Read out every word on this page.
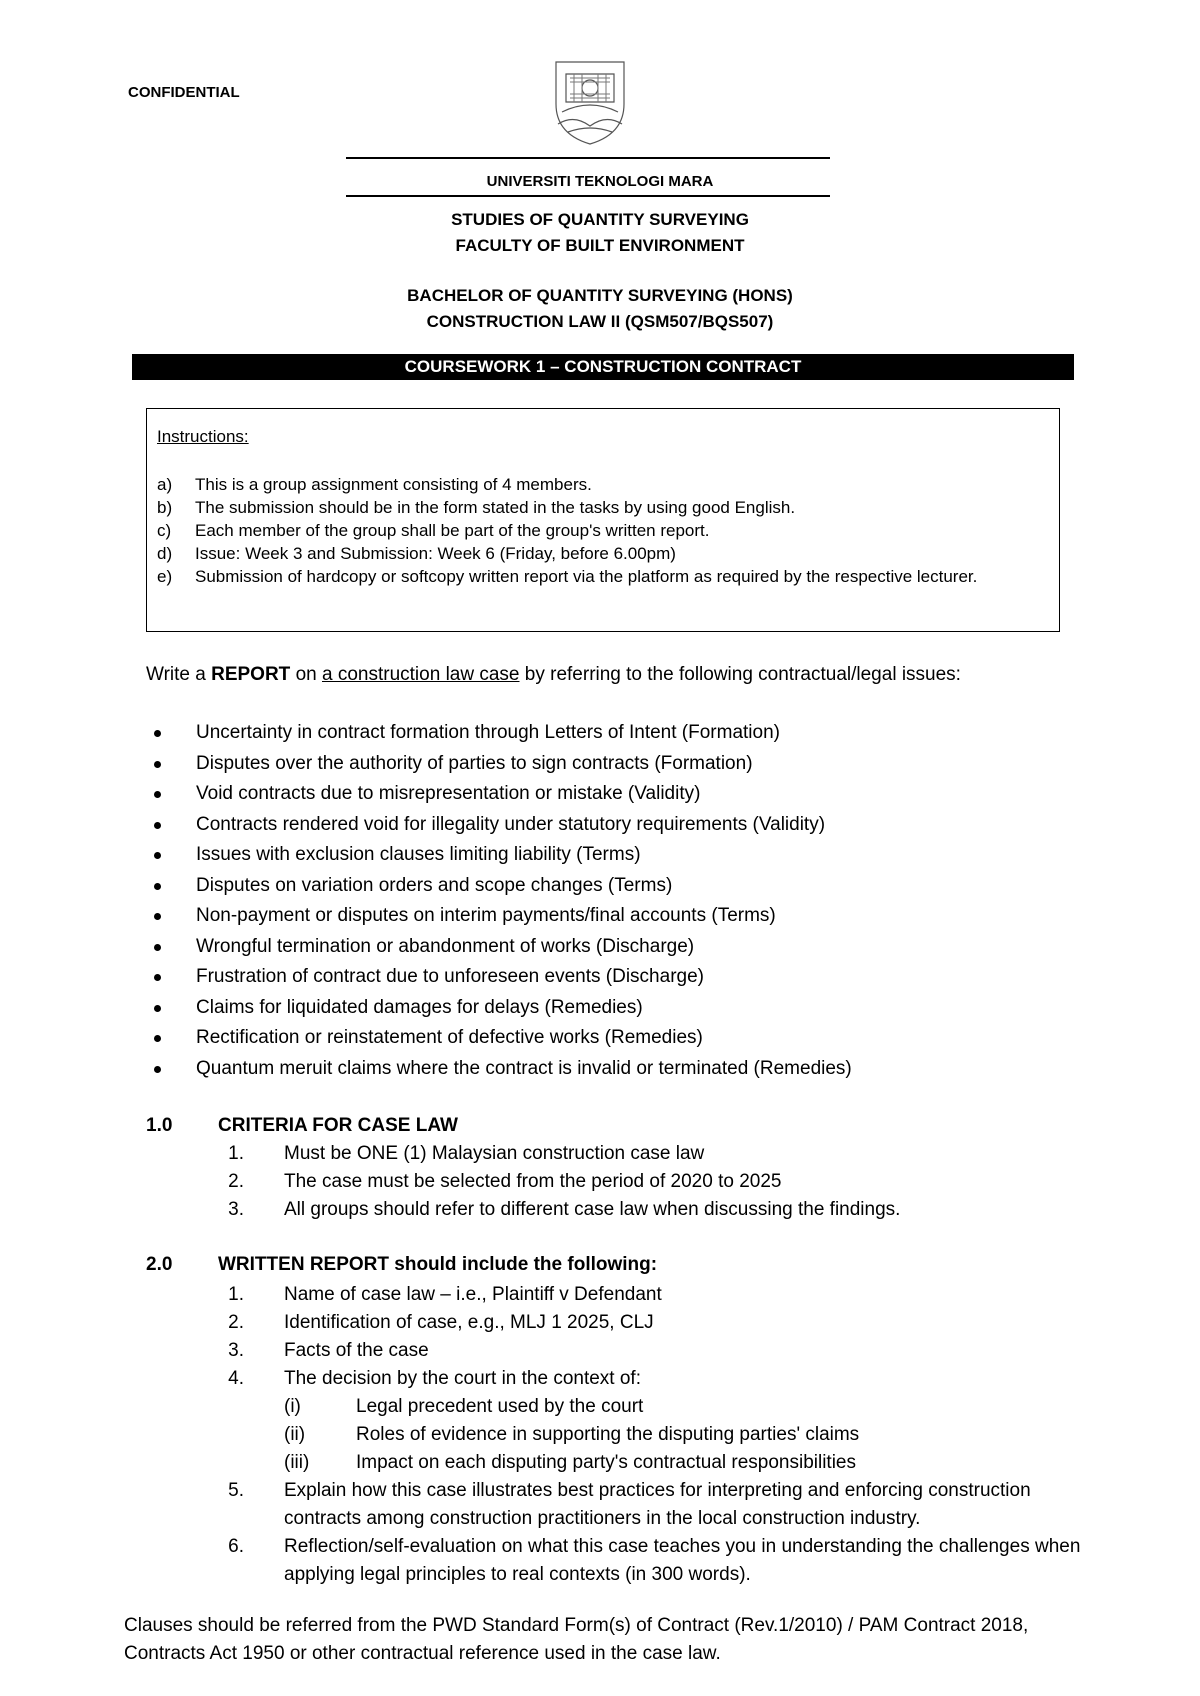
CONFIDENTIAL
UNIVERSITI TEKNOLOGI MARA
STUDIES OF QUANTITY SURVEYING
FACULTY OF BUILT ENVIRONMENT
BACHELOR OF QUANTITY SURVEYING (HONS)
CONSTRUCTION LAW II (QSM507/BQS507)
COURSEWORK 1 – CONSTRUCTION CONTRACT
Instructions:
a) This is a group assignment consisting of 4 members.
b) The submission should be in the form stated in the tasks by using good English.
c) Each member of the group shall be part of the group's written report.
d) Issue: Week 3 and Submission: Week 6 (Friday, before 6.00pm)
e) Submission of hardcopy or softcopy written report via the platform as required by the respective lecturer.
Write a REPORT on a construction law case by referring to the following contractual/legal issues:
Uncertainty in contract formation through Letters of Intent (Formation)
Disputes over the authority of parties to sign contracts (Formation)
Void contracts due to misrepresentation or mistake (Validity)
Contracts rendered void for illegality under statutory requirements (Validity)
Issues with exclusion clauses limiting liability (Terms)
Disputes on variation orders and scope changes (Terms)
Non-payment or disputes on interim payments/final accounts (Terms)
Wrongful termination or abandonment of works (Discharge)
Frustration of contract due to unforeseen events (Discharge)
Claims for liquidated damages for delays (Remedies)
Rectification or reinstatement of defective works (Remedies)
Quantum meruit claims where the contract is invalid or terminated (Remedies)
1.0 CRITERIA FOR CASE LAW
1. Must be ONE (1) Malaysian construction case law
2. The case must be selected from the period of 2020 to 2025
3. All groups should refer to different case law when discussing the findings.
2.0 WRITTEN REPORT should include the following:
1. Name of case law – i.e., Plaintiff v Defendant
2. Identification of case, e.g., MLJ 1 2025, CLJ
3. Facts of the case
4. The decision by the court in the context of:
(i)	Legal precedent used by the court
(ii)	Roles of evidence in supporting the disputing parties' claims
(iii) Impact on each disputing party's contractual responsibilities
5. Explain how this case illustrates best practices for interpreting and enforcing construction contracts among construction practitioners in the local construction industry.
6. Reflection/self-evaluation on what this case teaches you in understanding the challenges when applying legal principles to real contexts (in 300 words).
Clauses should be referred from the PWD Standard Form(s) of Contract (Rev.1/2010) / PAM Contract 2018, Contracts Act 1950 or other contractual reference used in the case law.
